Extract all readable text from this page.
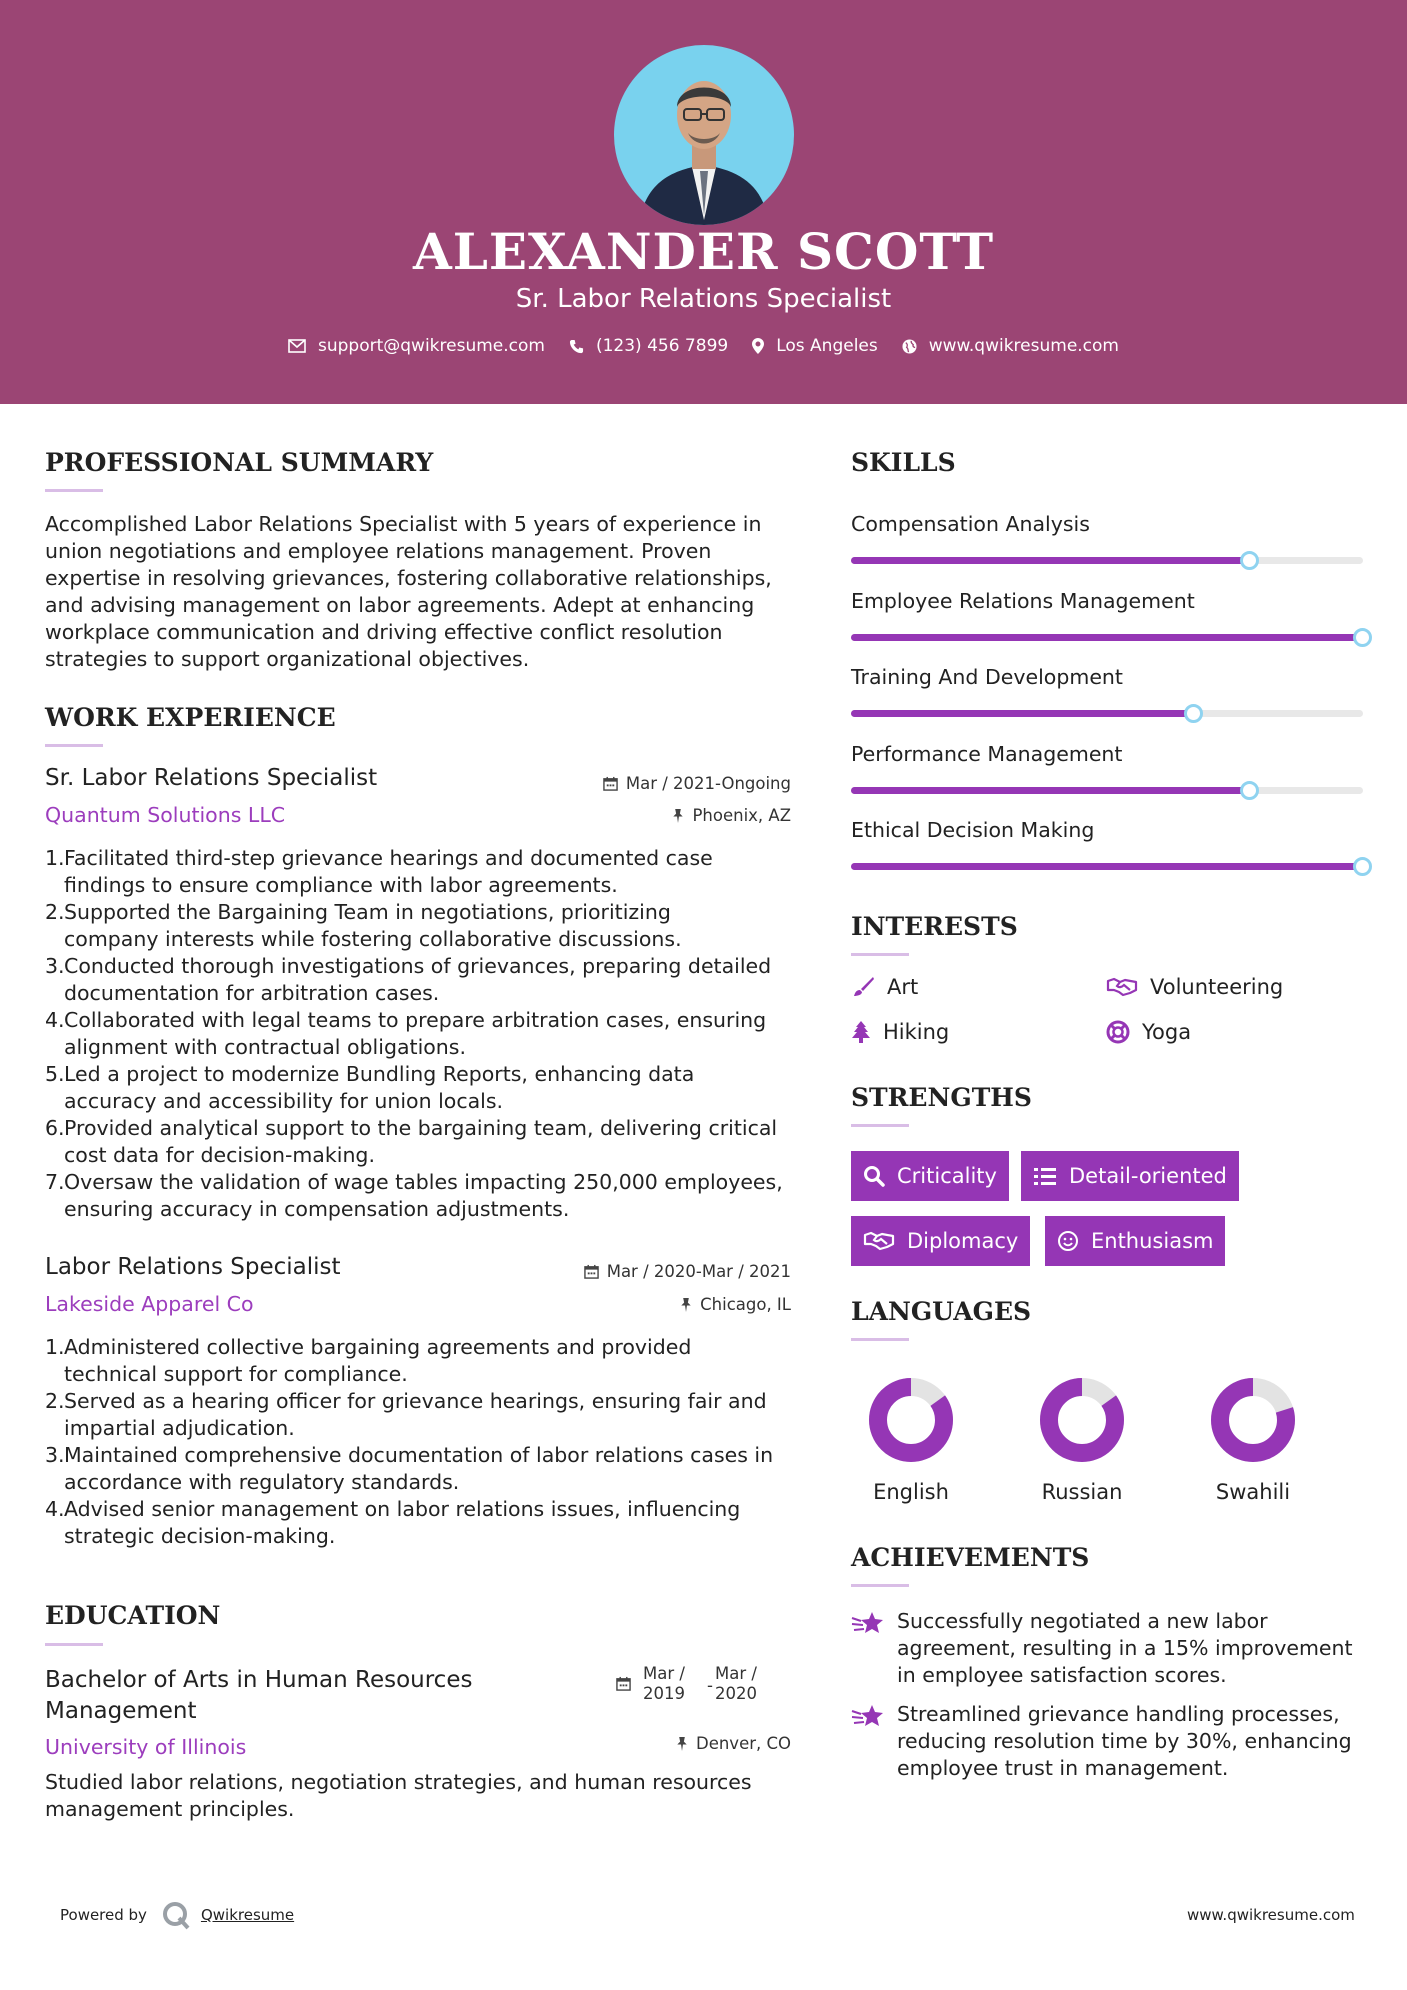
ALEXANDER SCOTT
Sr. Labor Relations Specialist
support@qwikresume.com	(123) 456 7899	Los Angeles	www.qwikresume.com
PROFESSIONAL SUMMARY
Accomplished Labor Relations Specialist with 5 years of experience in
union negotiations and employee relations management. Proven
expertise in resolving grievances, fostering collaborative relationships,
and advising management on labor agreements. Adept at enhancing
workplace communication and driving effective conflict resolution
strategies to support organizational objectives.
WORK EXPERIENCE
Sr. Labor Relations Specialist	Mar / 2021-Ongoing
Quantum Solutions LLC	Phoenix, AZ
1. Facilitated third-step grievance hearings and documented case
findings to ensure compliance with labor agreements.
2. Supported the Bargaining Team in negotiations, prioritizing
company interests while fostering collaborative discussions.
3. Conducted thorough investigations of grievances, preparing detailed
documentation for arbitration cases.
4. Collaborated with legal teams to prepare arbitration cases, ensuring
alignment with contractual obligations.
5. Led a project to modernize Bundling Reports, enhancing data
accuracy and accessibility for union locals.
6. Provided analytical support to the bargaining team, delivering critical
cost data for decision-making.
7. Oversaw the validation of wage tables impacting 250,000 employees,
ensuring accuracy in compensation adjustments.
Labor Relations Specialist	Mar / 2020-Mar / 2021
Lakeside Apparel Co	Chicago, IL
1. Administered collective bargaining agreements and provided
technical support for compliance.
2. Served as a hearing officer for grievance hearings, ensuring fair and
impartial adjudication.
3. Maintained comprehensive documentation of labor relations cases in
accordance with regulatory standards.
4. Advised senior management on labor relations issues, influencing
strategic decision-making.
EDUCATION
Bachelor of Arts in Human Resources
Management
Mar /
2019 -
Mar /
2020
University of Illinois	Denver, CO
Studied labor relations, negotiation strategies, and human resources
management principles.
SKILLS
Compensation Analysis
Employee Relations Management
Training And Development
Performance Management
Ethical Decision Making
INTERESTS
Art	Volunteering
Hiking	Yoga
STRENGTHS
Criticality	Detail-oriented
Diplomacy	Enthusiasm
LANGUAGES
English	Russian	Swahili
ACHIEVEMENTS
Successfully negotiated a new labor
agreement, resulting in a 15% improvement
in employee satisfaction scores.
Streamlined grievance handling processes,
reducing resolution time by 30%, enhancing
employee trust in management.
Powered by	Qwikresume	www.qwikresume.com
